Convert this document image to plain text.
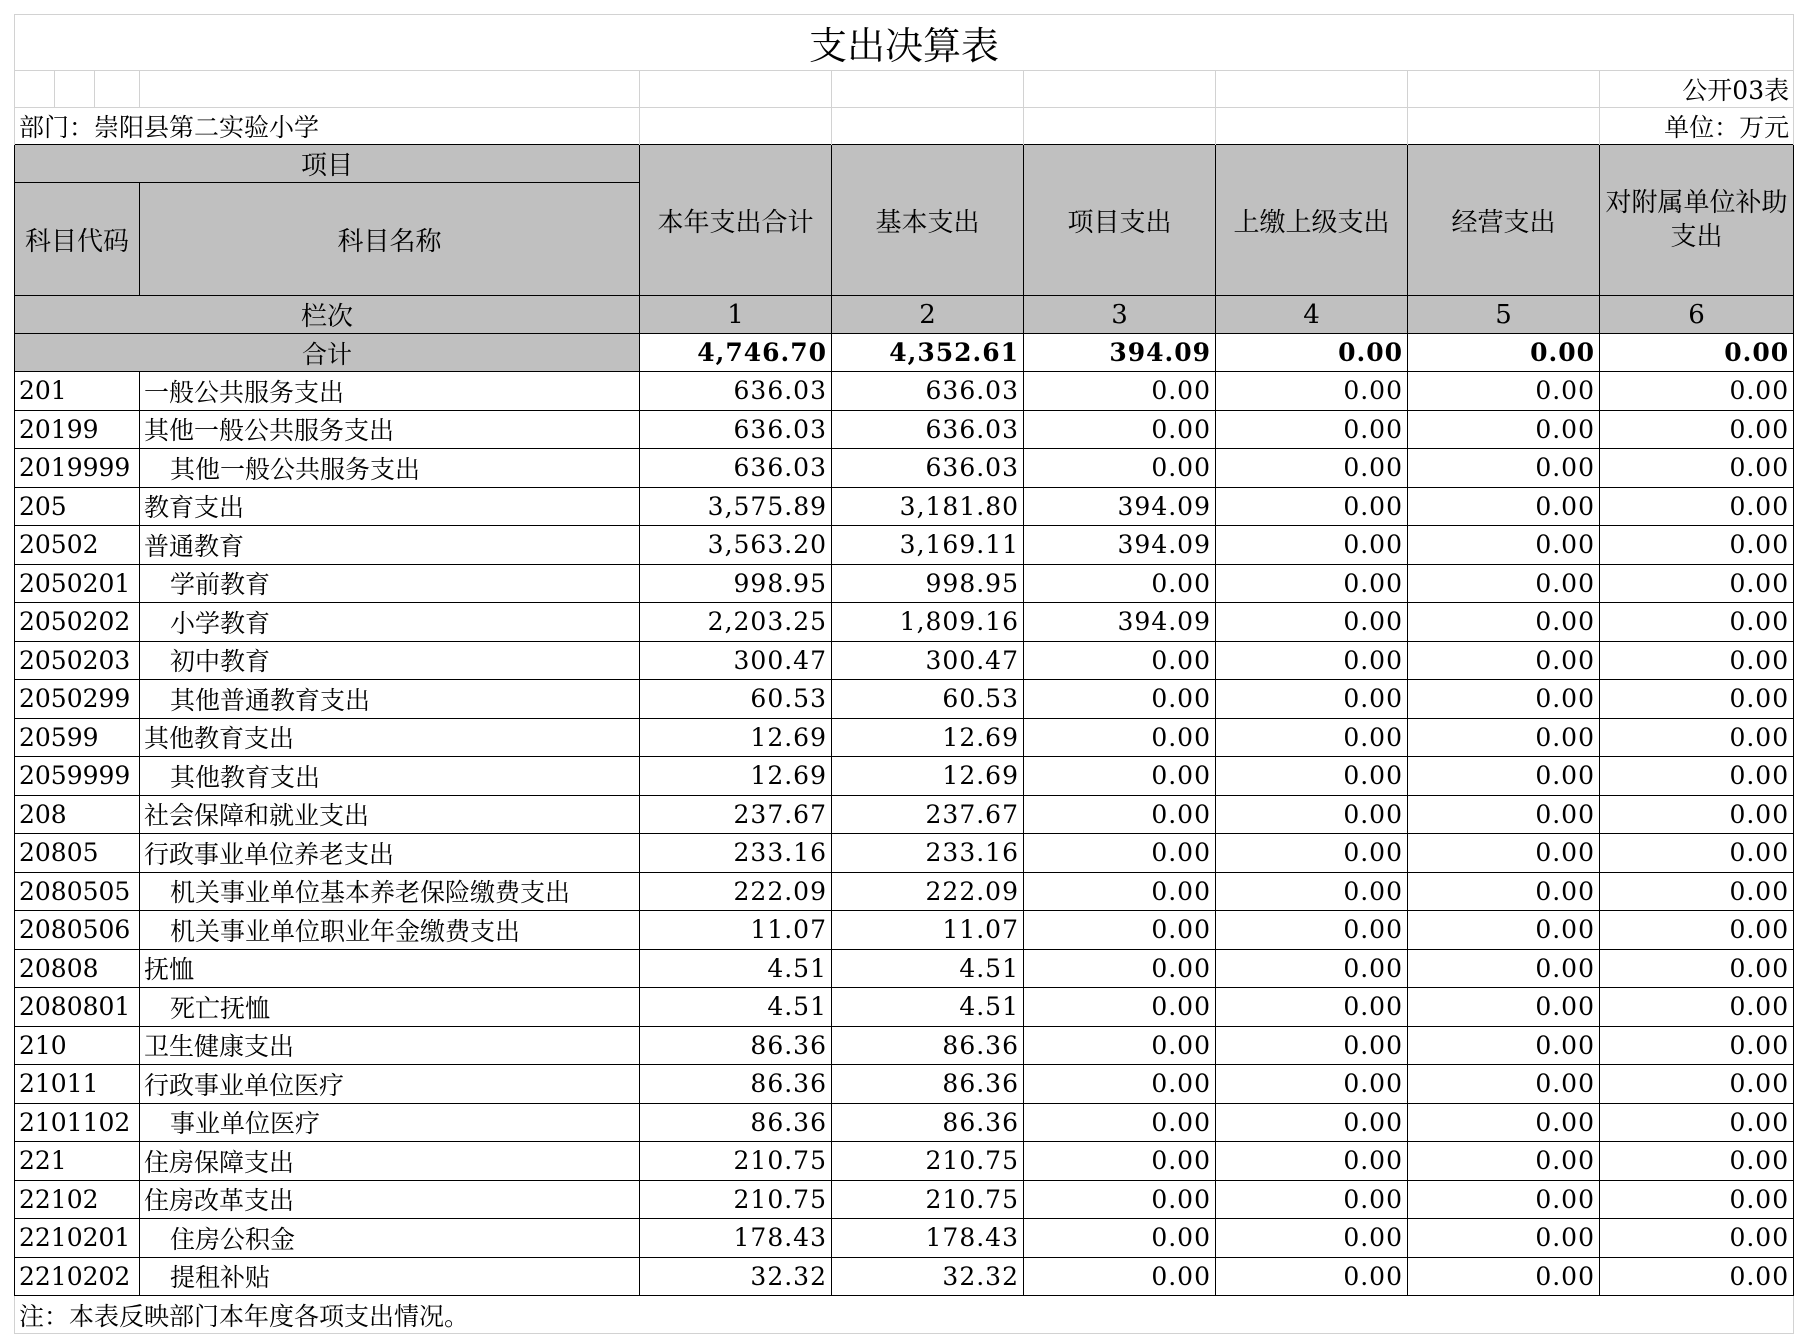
支出决算表									
									公开03表
部门：崇阳县第二实验小学									单位：万元
项目				本年支出合计	基本支出	项目支出	上缴上级支出	经营支出	对附属单位补助支出
科目代码			科目名称						
栏次				1	2	3	4	5	6
合计				4,746.70	4,352.61	394.09	0.00	0.00	0.00
201			一般公共服务支出	636.03	636.03	0.00	0.00	0.00	0.00
20199			其他一般公共服务支出	636.03	636.03	0.00	0.00	0.00	0.00
2019999			其他一般公共服务支出	636.03	636.03	0.00	0.00	0.00	0.00
205			教育支出	3,575.89	3,181.80	394.09	0.00	0.00	0.00
20502			普通教育	3,563.20	3,169.11	394.09	0.00	0.00	0.00
2050201			学前教育	998.95	998.95	0.00	0.00	0.00	0.00
2050202			小学教育	2,203.25	1,809.16	394.09	0.00	0.00	0.00
2050203			初中教育	300.47	300.47	0.00	0.00	0.00	0.00
2050299			其他普通教育支出	60.53	60.53	0.00	0.00	0.00	0.00
20599			其他教育支出	12.69	12.69	0.00	0.00	0.00	0.00
2059999			其他教育支出	12.69	12.69	0.00	0.00	0.00	0.00
208			社会保障和就业支出	237.67	237.67	0.00	0.00	0.00	0.00
20805			行政事业单位养老支出	233.16	233.16	0.00	0.00	0.00	0.00
2080505			机关事业单位基本养老保险缴费支出	222.09	222.09	0.00	0.00	0.00	0.00
2080506			机关事业单位职业年金缴费支出	11.07	11.07	0.00	0.00	0.00	0.00
20808			抚恤	4.51	4.51	0.00	0.00	0.00	0.00
2080801			死亡抚恤	4.51	4.51	0.00	0.00	0.00	0.00
210			卫生健康支出	86.36	86.36	0.00	0.00	0.00	0.00
21011			行政事业单位医疗	86.36	86.36	0.00	0.00	0.00	0.00
2101102			事业单位医疗	86.36	86.36	0.00	0.00	0.00	0.00
221			住房保障支出	210.75	210.75	0.00	0.00	0.00	0.00
22102			住房改革支出	210.75	210.75	0.00	0.00	0.00	0.00
2210201			住房公积金	178.43	178.43	0.00	0.00	0.00	0.00
2210202			提租补贴	32.32	32.32	0.00	0.00	0.00	0.00
注：本表反映部门本年度各项支出情况。									
